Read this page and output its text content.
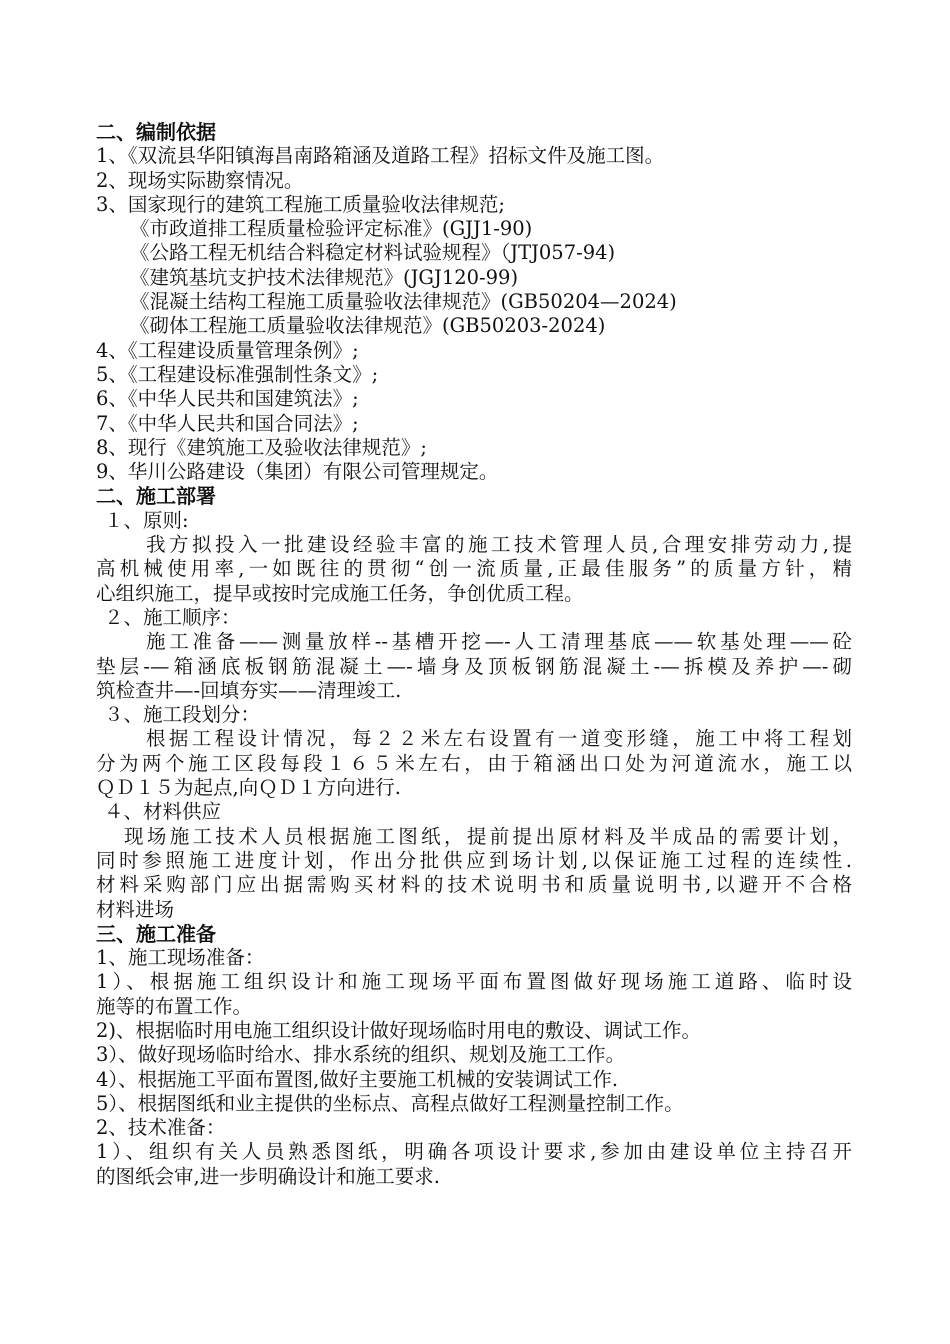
二、编制依据
1、《双流县华阳镇海昌南路箱涵及道路工程》招标文件及施工图。
2、现场实际勘察情况。
3、国家现行的建筑工程施工质量验收法律规范;
《市政道排工程质量检验评定标准》(GJJ1-90)
《公路工程无机结合料稳定材料试验规程》（JTJ057-94)
《建筑基坑支护技术法律规范》(JGJ120-99)
《混凝土结构工程施工质量验收法律规范》(GB50204—2024)
《砌体工程施工质量验收法律规范》(GB50203-2024)
4、《工程建设质量管理条例》;
5、《工程建设标准强制性条文》;
6、《中华人民共和国建筑法》;
7、《中华人民共和国合同法》;
8、现行《建筑施工及验收法律规范》;
9、华川公路建设（集团）有限公司管理规定。
二、施工部署
１、原则:
我方拟投入一批建设经验丰富的施工技术管理人员,合理安排劳动力,提
高机械使用率,一如既往的贯彻“创一流质量,正最佳服务”的质量方针，精
心组织施工，提早或按时完成施工任务，争创优质工程。
２、施工顺序：
施工准备——测量放样--基槽开挖—-人工清理基底——软基处理——砼
垫层-—箱涵底板钢筋混凝土—-墙身及顶板钢筋混凝土-—拆模及养护—-砌
筑检查井—-回填夯实——清理竣工.
３、施工段划分：
根据工程设计情况，每２２米左右设置有一道变形缝，施工中将工程划
分为两个施工区段每段１６５米左右，由于箱涵出口处为河道流水，施工以
ＱＤ１５为起点,向ＱＤ１方向进行.
４、材料供应
现场施工技术人员根据施工图纸，提前提出原材料及半成品的需要计划，
同时参照施工进度计划，作出分批供应到场计划,以保证施工过程的连续性.
材料采购部门应出据需购买材料的技术说明书和质量说明书,以避开不合格
材料进场
三、施工准备
1、施工现场准备：
1）、根据施工组织设计和施工现场平面布置图做好现场施工道路、临时设
施等的布置工作。
2)、根据临时用电施工组织设计做好现场临时用电的敷设、调试工作。
3）、做好现场临时给水、排水系统的组织、规划及施工工作。
4）、根据施工平面布置图,做好主要施工机械的安装调试工作.
5）、根据图纸和业主提供的坐标点、高程点做好工程测量控制工作。
2、技术准备：
1）、组织有关人员熟悉图纸，明确各项设计要求,参加由建设单位主持召开
的图纸会审,进一步明确设计和施工要求.
